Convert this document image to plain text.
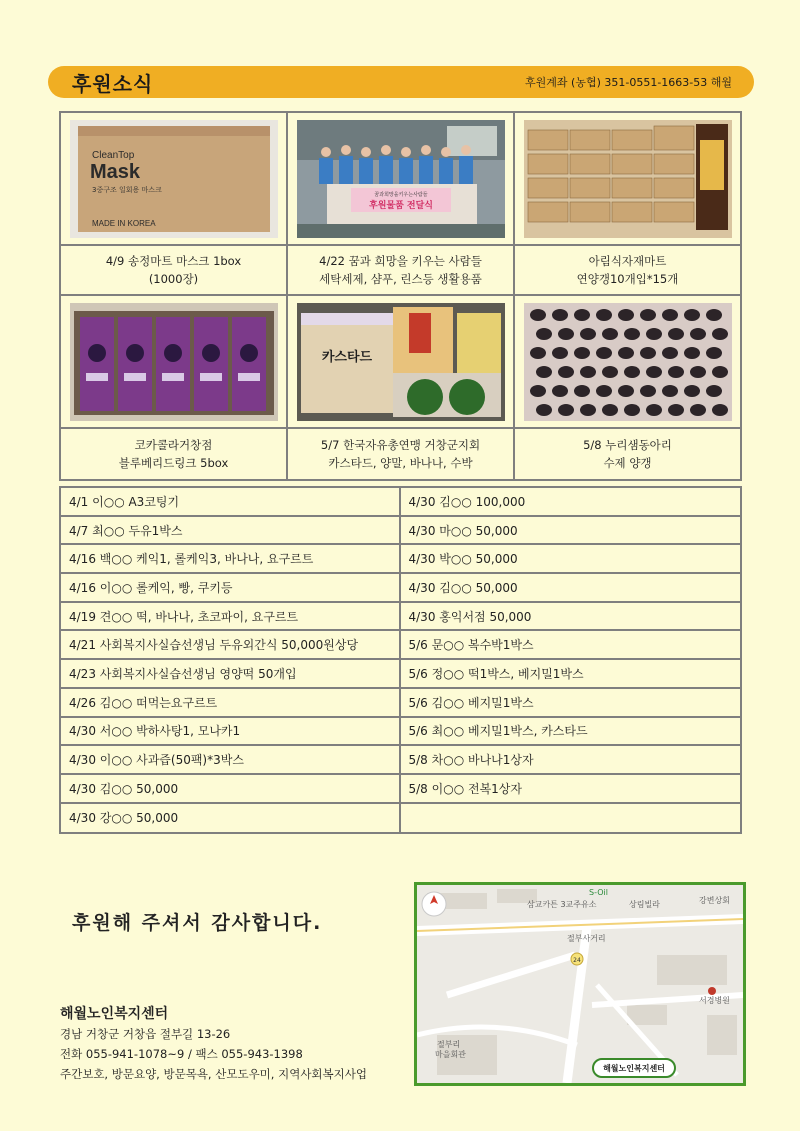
후원소식	후원계좌 (농협) 351-0551-1663-53 해월
CleanTop
Mask
3중구조 일회용 마스크
MADE IN KOREA
꿈과희망을키우는사람들
후원물품 전달식
4/9 송정마트 마스크 1box
(1000장)
4/22 꿈과 희망을 키우는 사람들
세탁세제, 샴푸, 린스등 생활용품
아림식자재마트
연양갱10개입*15개
카스타드
코카콜라거창점
블루베리드링크 5box
5/7 한국자유총연맹 거창군지회
카스타드, 양말, 바나나, 수박
5/8 누리샘동아리
수제 양갱
4/1 이○○ A3코팅기	4/30 김○○ 100,000
4/7 최○○ 두유1박스	4/30 마○○ 50,000
4/16 백○○ 케익1, 롤케익3, 바나나, 요구르트	4/30 박○○ 50,000
4/16 이○○ 롤케익, 빵, 쿠키등	4/30 김○○ 50,000
4/19 견○○ 떡, 바나나, 초코파이, 요구르트	4/30 홍익서점 50,000
4/21 사회복지사실습선생님 두유외간식 50,000원상당	5/6 문○○ 복수박1박스
4/23 사회복지사실습선생님 영양떡 50개입	5/6 정○○ 떡1박스, 베지밀1박스
4/26 김○○ 떠먹는요구르트	5/6 김○○ 베지밀1박스
4/30 서○○ 박하사탕1, 모나카1	5/6 최○○ 베지밀1박스, 카스타드
4/30 이○○ 사과즙(50팩)*3박스	5/8 차○○ 바나나1상자
4/30 김○○ 50,000	5/8 이○○ 전복1상자
4/30 강○○ 50,000
후원해 주셔서 감사합니다.
해월노인복지센터
경남 거창군 거창읍 절부길 13-26
전화 055-941-1078~9 / 팩스 055-943-1398
주간보호, 방문요양, 방문목욕, 산모도우미, 지역사회복지사업
24
S-Oil
삼교카튼 3교주유소	상림빌라	강변상회
절부사거리
서경병원
절부리
마을회관
해월노인복지센터
